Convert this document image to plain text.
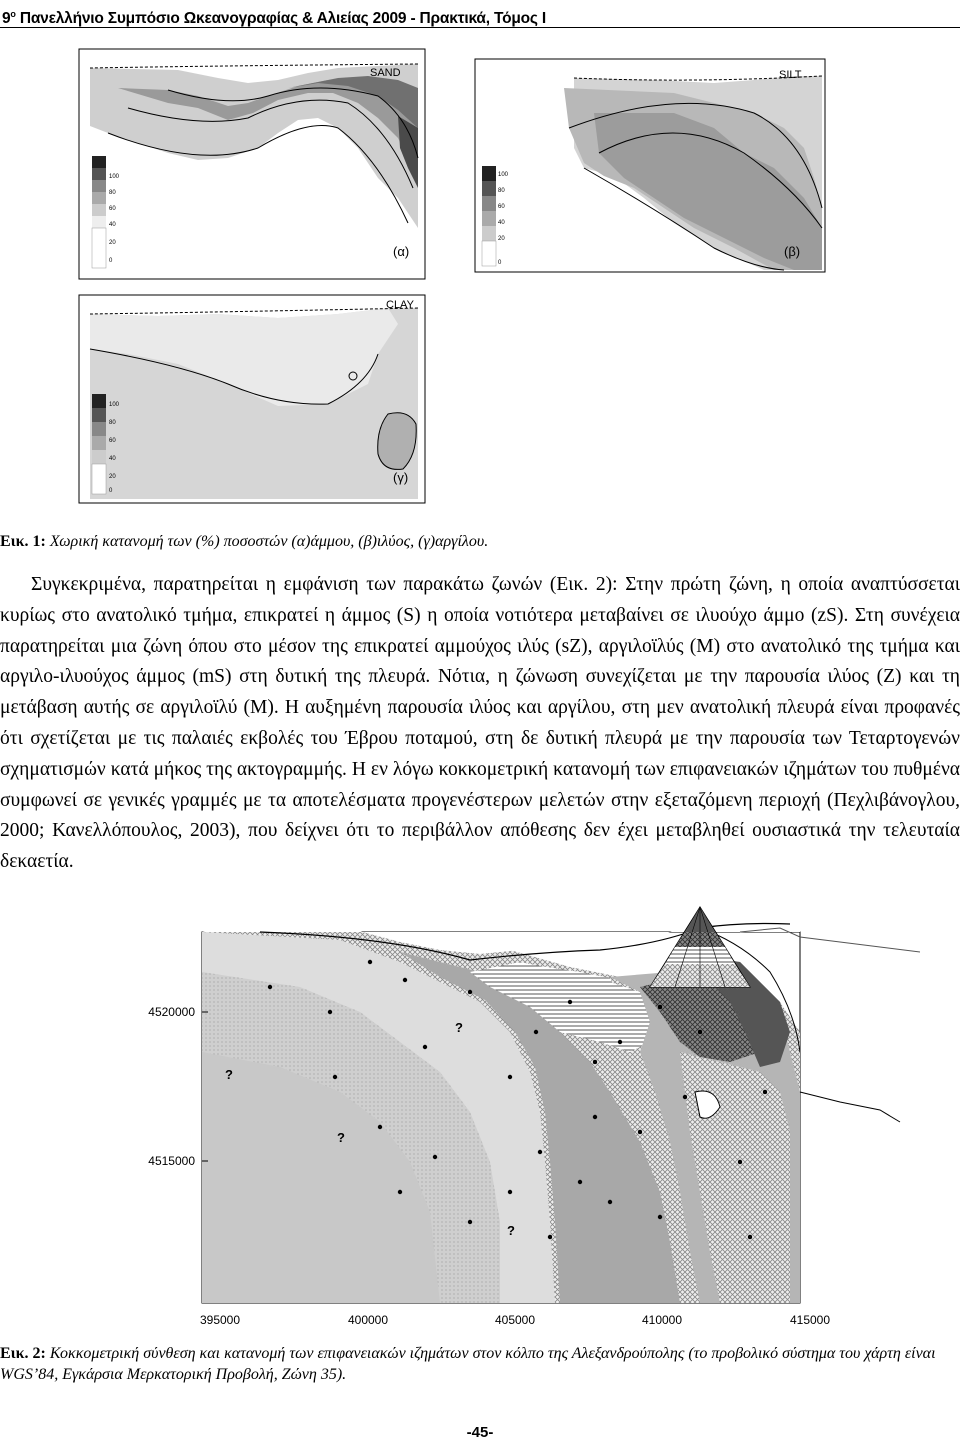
$9^o$ Πανελλήνιο Συμπόσιο Ωκεανογραφίας & Αλιείας 2009 - Πρακτικά, Τόμος Ι
SAND
100
80
60
40
20
0
(α)
SILT
100
80
60
40
20
0
(β)
CLAY
100
80
60
40
20
0
(γ)
Εικ. 1: Χωρική κατανομή των (%) ποσοστών (α)άμμου, (β)ιλύος, (γ)αργίλου.

Συγκεκριμένα, παρατηρείται η εμφάνιση των παρακάτω ζωνών (Εικ. 2): Στην πρώτη ζώνη, η οποία αναπτύσσεται κυρίως στο ανατολικό τμήμα, επικρατεί η άμμος (S) η οποία νοτιότερα μεταβαίνει σε ιλυούχο άμμο (zS). Στη συνέχεια παρατηρείται μια ζώνη όπου στο μέσον της επικρατεί αμμούχος ιλύς (sZ), αργιλοϊλύς (M) στο ανατολικό της τμήμα και αργιλο-ιλυούχος άμμος (mS) στη δυτική της πλευρά. Νότια, η ζώνωση συνεχίζεται με την παρουσία ιλύος (Z) και τη μετάβαση αυτής σε αργιλοϊλύ (M). Η αυξημένη παρουσία ιλύος και αργίλου, στη μεν ανατολική πλευρά είναι προφανές ότι σχετίζεται με τις παλαιές εκβολές του Έβρου ποταμού, στη δε δυτική πλευρά με την παρουσία των Τεταρτογενών σχηματισμών κατά μήκος της ακτογραμμής. Η εν λόγω κοκκομετρική κατανομή των επιφανειακών ιζημάτων του πυθμένα συμφωνεί σε γενικές γραμμές με τα αποτελέσματα προγενέστερων μελετών στην εξεταζόμενη περιοχή (Πεχλιβάνογλου, 2000; Κανελλόπουλος, 2003), που δείχνει ότι το περιβάλλον απόθεσης δεν έχει μεταβληθεί ουσιαστικά την τελευταία δεκαετία.

4520000
4515000
395000	400000	405000	410000	415000
?
?
?
?
Εικ. 2: Κοκκομετρική σύνθεση και κατανομή των επιφανειακών ιζημάτων στον κόλπο της Αλεξανδρούπολης (το προβολικό σύστημα του χάρτη είναι WGS’84, Εγκάρσια Μερκατορική Προβολή, Ζώνη 35).
-45-
